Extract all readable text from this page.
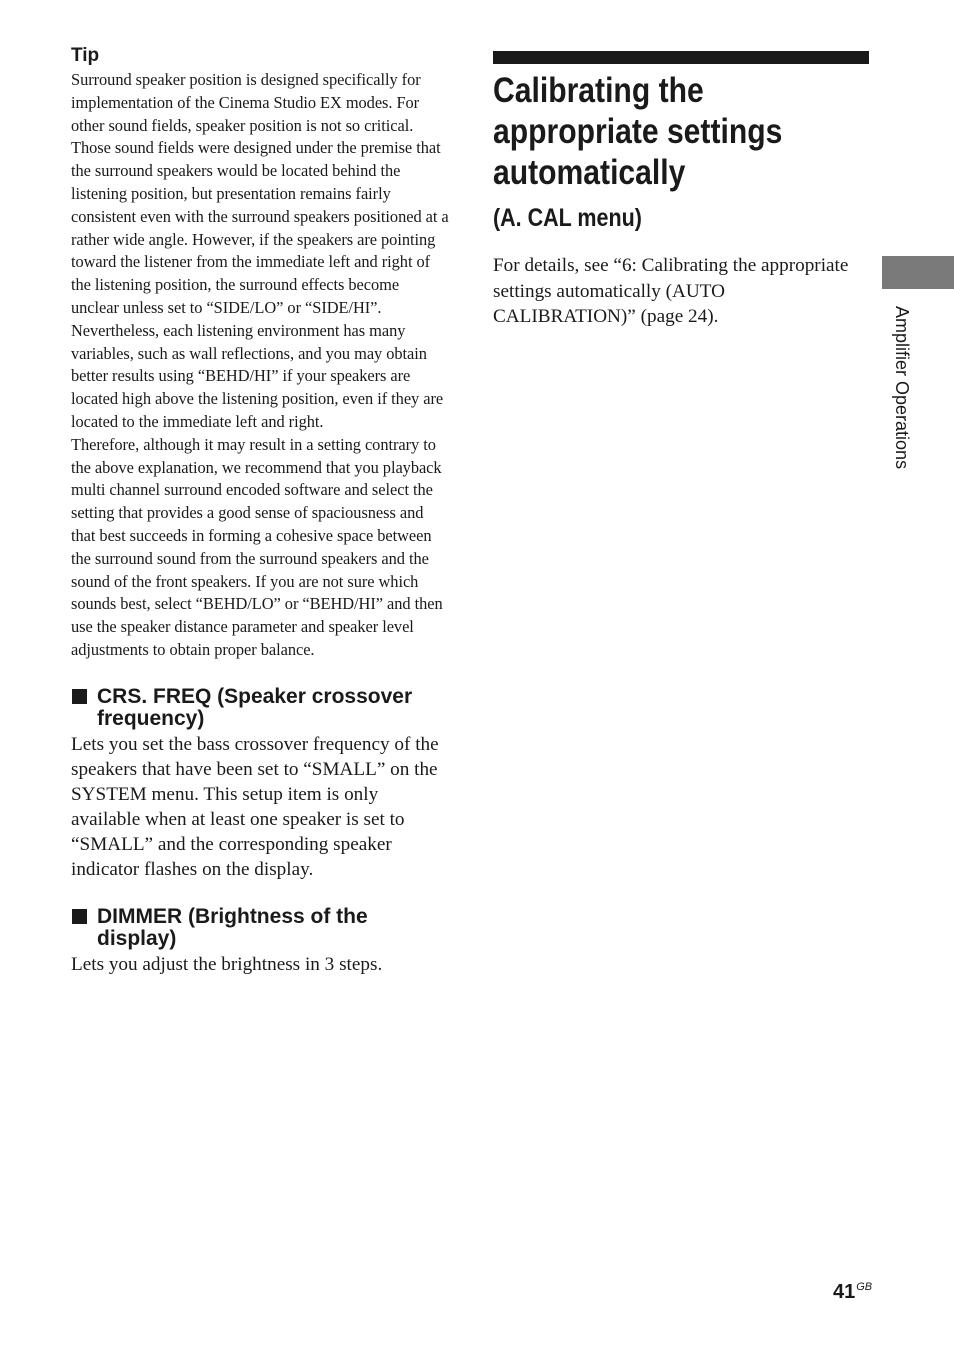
Tip

Surround speaker position is designed specifically for implementation of the Cinema Studio EX modes. For other sound fields, speaker position is not so critical.

Those sound fields were designed under the premise that the surround speakers would be located behind the listening position, but presentation remains fairly consistent even with the surround speakers positioned at a rather wide angle. However, if the speakers are pointing toward the listener from the immediate left and right of the listening position, the surround effects become unclear unless set to “SIDE/LO” or “SIDE/HI”.

Nevertheless, each listening environment has many variables, such as wall reflections, and you may obtain better results using “BEHD/HI” if your speakers are located high above the listening position, even if they are located to the immediate left and right.

Therefore, although it may result in a setting contrary to the above explanation, we recommend that you playback multi channel surround encoded software and select the setting that provides a good sense of spaciousness and that best succeeds in forming a cohesive space between the surround sound from the surround speakers and the sound of the front speakers. If you are not sure which sounds best, select “BEHD/LO” or “BEHD/HI” and then use the speaker distance parameter and speaker level adjustments to obtain proper balance.

CRS. FREQ (Speaker crossover frequency)

Lets you set the bass crossover frequency of the speakers that have been set to “SMALL” on the SYSTEM menu. This setup item is only available when at least one speaker is set to “SMALL” and the corresponding speaker indicator flashes on the display.

DIMMER (Brightness of the display)

Lets you adjust the brightness in 3 steps.

Calibrating the appropriate settings automatically
(A. CAL menu)

For details, see “6: Calibrating the appropriate settings automatically (AUTO CALIBRATION)” (page 24).	Amplifier Operations
$41^{GB}$
